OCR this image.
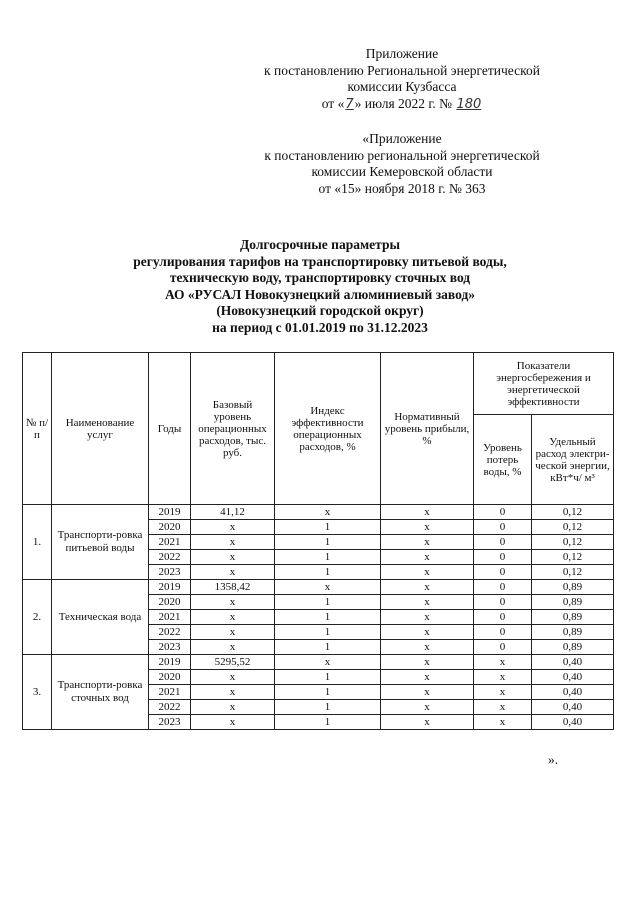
Приложение
к постановлению Региональной энергетической
комиссии Кузбасса
от «7» июля 2022 г. № 180
«Приложение
к постановлению региональной энергетической
комиссии Кемеровской области
от «15» ноября 2018 г. № 363
Долгосрочные параметры
регулирования тарифов на транспортировку питьевой воды,
техническую воду, транспортировку сточных вод
АО «РУСАЛ Новокузнецкий алюминиевый завод»
(Новокузнецкий городской округ)
на период с 01.01.2019 по 31.12.2023
№ п/п	Наименование услуг	Годы	Базовый уровень операционных расходов, тыс. руб.	Индекс эффективности операционных расходов, %	Нормативный уровень прибыли, %	Показатели энергосбережения и энергетической эффективности	
						Уровень потерь воды, %	Удельный расход электри-ческой энергии, кВт*ч/ м³
1.	Транспорти-ровка питьевой воды	2019	41,12	х	х	0	0,12
		2020	х	1	х	0	0,12
		2021	х	1	х	0	0,12
		2022	х	1	х	0	0,12
		2023	х	1	х	0	0,12
2.	Техническая вода	2019	1358,42	х	х	0	0,89
		2020	х	1	х	0	0,89
		2021	х	1	х	0	0,89
		2022	х	1	х	0	0,89
		2023	х	1	х	0	0,89
3.	Транспорти-ровка сточных вод	2019	5295,52	х	х	х	0,40
		2020	х	1	х	х	0,40
		2021	х	1	х	х	0,40
		2022	х	1	х	х	0,40
		2023	х	1	х	х	0,40
».
